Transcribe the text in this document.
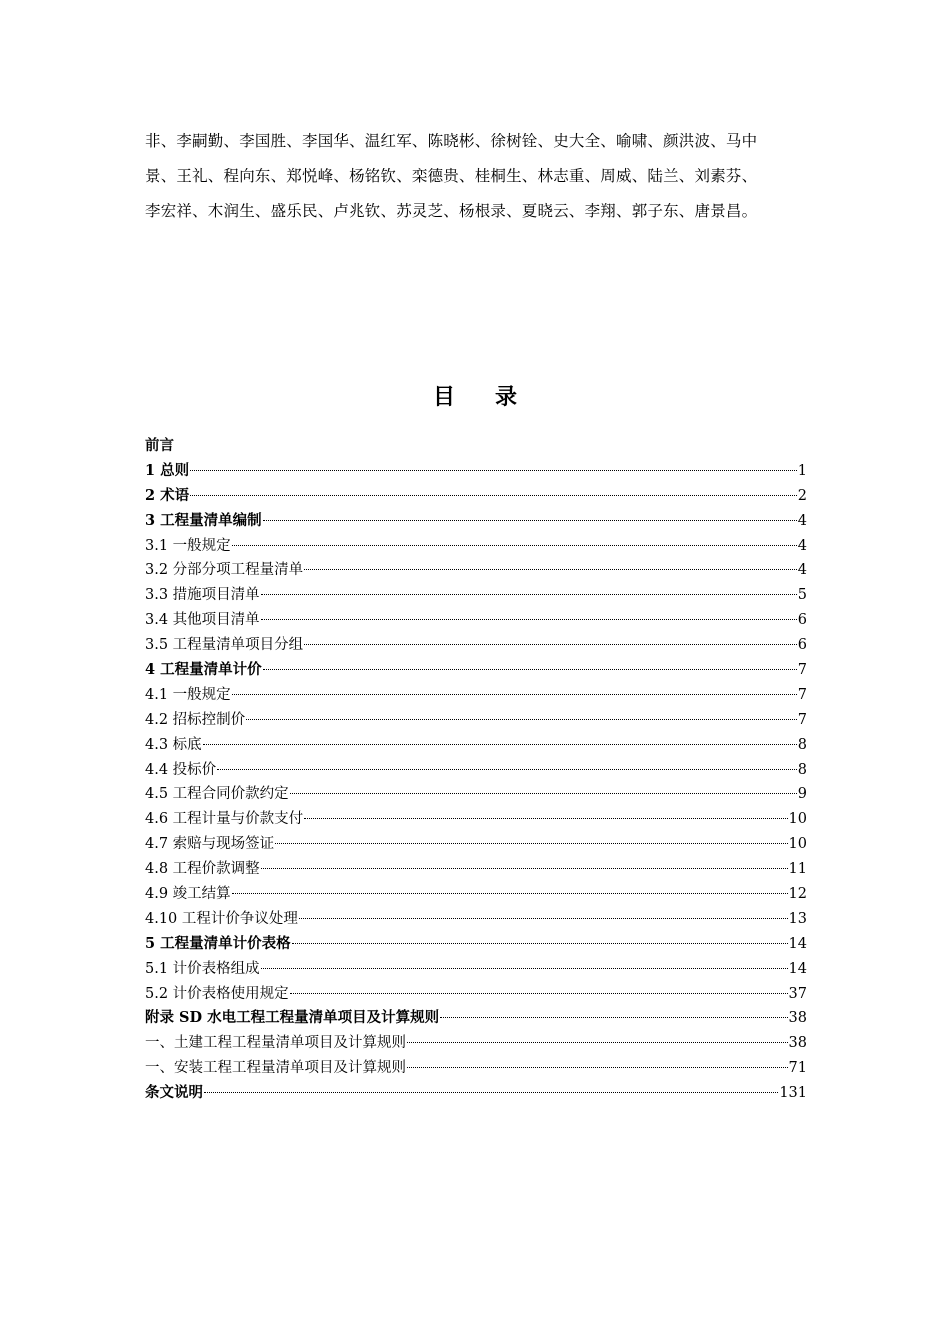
非、李嗣勤、李国胜、李国华、温红军、陈晓彬、徐树铨、史大全、喻啸、颜洪波、马中

景、王礼、程向东、郑悦峰、杨铭钦、栾德贵、桂桐生、林志重、周威、陆兰、刘素芬、

李宏祥、木润生、盛乐民、卢兆钦、苏灵芝、杨根录、夏晓云、李翔、郭子东、唐景昌。

目录
前言
1 总则	1
2 术语	2
3 工程量清单编制	4
3.1 一般规定	4
3.2 分部分项工程量清单	4
3.3 措施项目清单	5
3.4 其他项目清单	6
3.5 工程量清单项目分组	6
4 工程量清单计价	7
4.1 一般规定	7
4.2 招标控制价	7
4.3 标底	8
4.4 投标价	8
4.5 工程合同价款约定	9
4.6 工程计量与价款支付	10
4.7 索赔与现场签证	10
4.8 工程价款调整	11
4.9 竣工结算	12
4.10 工程计价争议处理	13
5 工程量清单计价表格	14
5.1 计价表格组成	14
5.2 计价表格使用规定	37
附录 SD 水电工程工程量清单项目及计算规则	38
一、土建工程工程量清单项目及计算规则	38
一、安装工程工程量清单项目及计算规则	71
条文说明	131
